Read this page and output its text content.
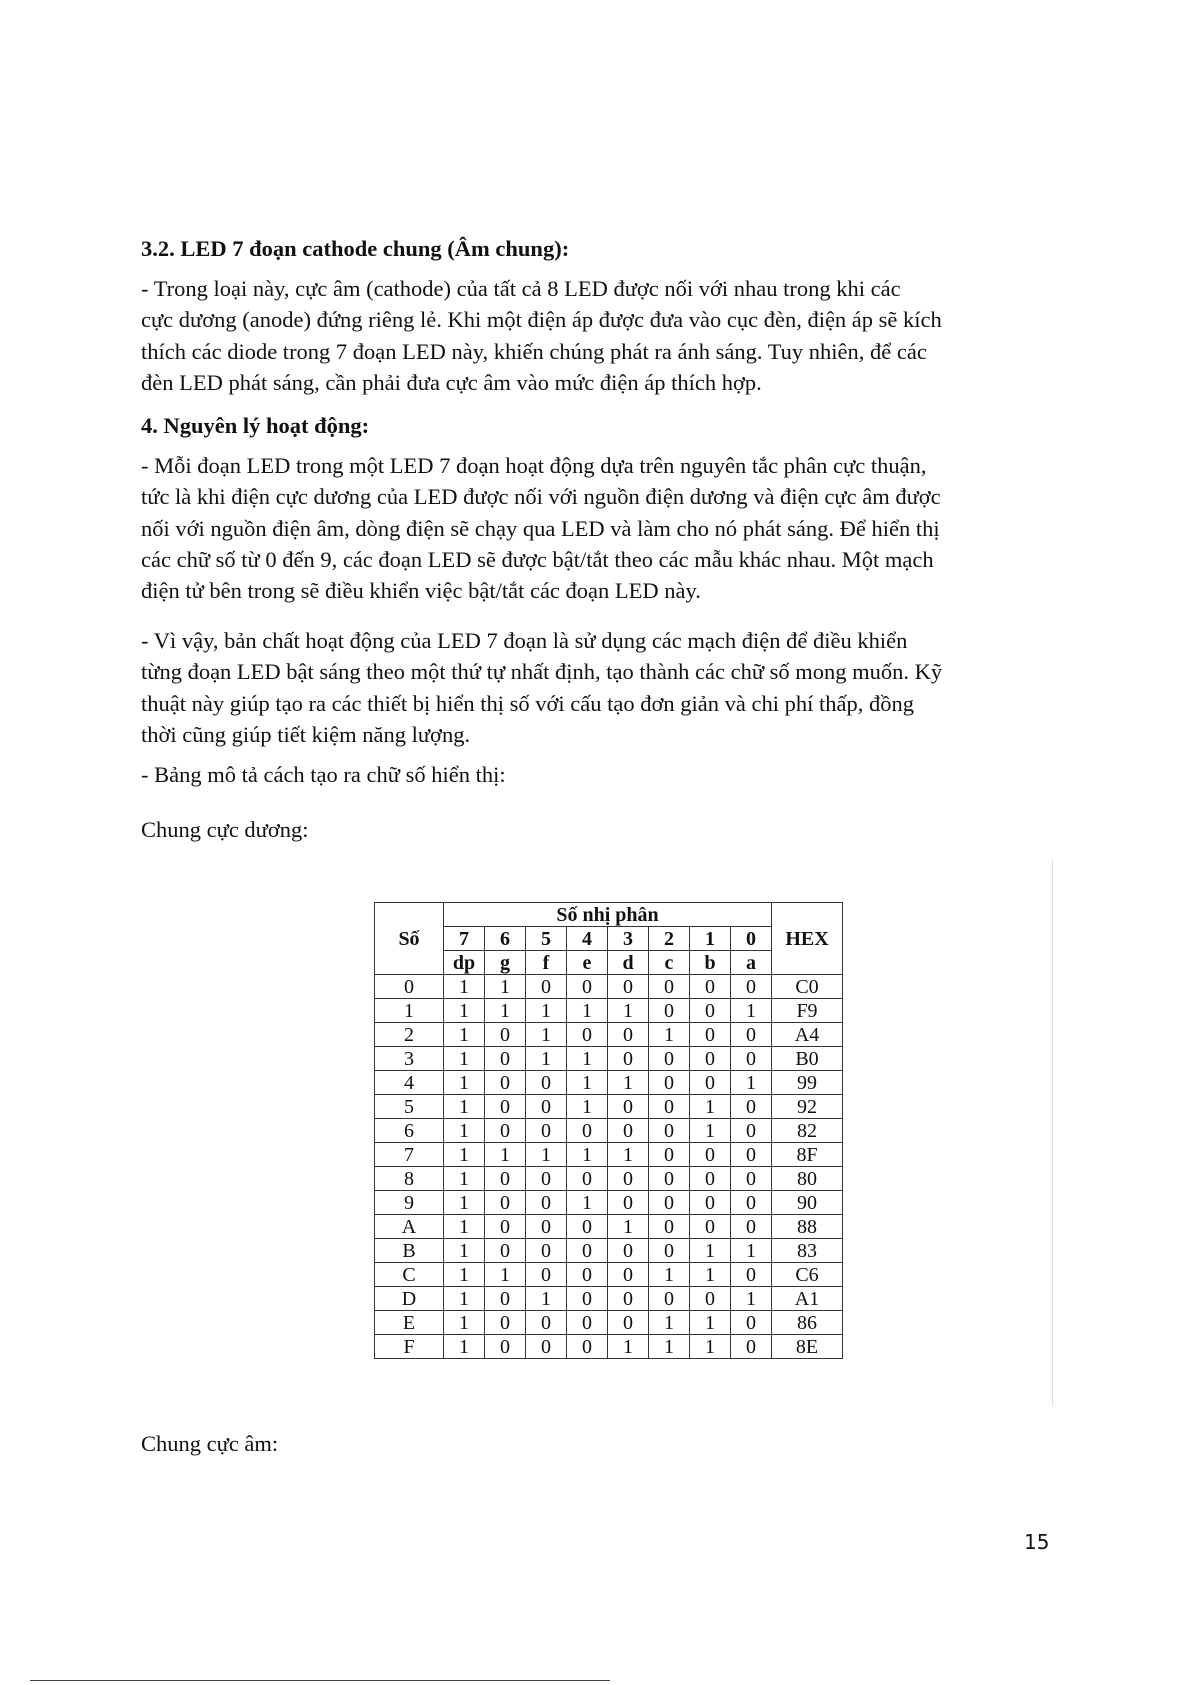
3.2. LED 7 đoạn cathode chung (Âm chung):
- Trong loại này, cực âm (cathode) của tất cả 8 LED được nối với nhau trong khi các
cực dương (anode) đứng riêng lẻ. Khi một điện áp được đưa vào cục đèn, điện áp sẽ kích
thích các diode trong 7 đoạn LED này, khiến chúng phát ra ánh sáng. Tuy nhiên, để các
đèn LED phát sáng, cần phải đưa cực âm vào mức điện áp thích hợp.
4. Nguyên lý hoạt động:
- Mỗi đoạn LED trong một LED 7 đoạn hoạt động dựa trên nguyên tắc phân cực thuận,
tức là khi điện cực dương của LED được nối với nguồn điện dương và điện cực âm được
nối với nguồn điện âm, dòng điện sẽ chạy qua LED và làm cho nó phát sáng. Để hiển thị
các chữ số từ 0 đến 9, các đoạn LED sẽ được bật/tắt theo các mẫu khác nhau. Một mạch
điện tử bên trong sẽ điều khiển việc bật/tắt các đoạn LED này.
- Vì vậy, bản chất hoạt động của LED 7 đoạn là sử dụng các mạch điện để điều khiển
từng đoạn LED bật sáng theo một thứ tự nhất định, tạo thành các chữ số mong muốn. Kỹ
thuật này giúp tạo ra các thiết bị hiển thị số với cấu tạo đơn giản và chi phí thấp, đồng
thời cũng giúp tiết kiệm năng lượng.
- Bảng mô tả cách tạo ra chữ số hiển thị:
Chung cực dương:
Số	Số nhị phân								HEX
	7	6	5	4	3	2	1	0	
	dp	g	f	e	d	c	b	a	
0	1	1	0	0	0	0	0	0	C0
1	1	1	1	1	1	0	0	1	F9
2	1	0	1	0	0	1	0	0	A4
3	1	0	1	1	0	0	0	0	B0
4	1	0	0	1	1	0	0	1	99
5	1	0	0	1	0	0	1	0	92
6	1	0	0	0	0	0	1	0	82
7	1	1	1	1	1	0	0	0	8F
8	1	0	0	0	0	0	0	0	80
9	1	0	0	1	0	0	0	0	90
A	1	0	0	0	1	0	0	0	88
B	1	0	0	0	0	0	1	1	83
C	1	1	0	0	0	1	1	0	C6
D	1	0	1	0	0	0	0	1	A1
E	1	0	0	0	0	1	1	0	86
F	1	0	0	0	1	1	1	0	8E
Chung cực âm:
15
